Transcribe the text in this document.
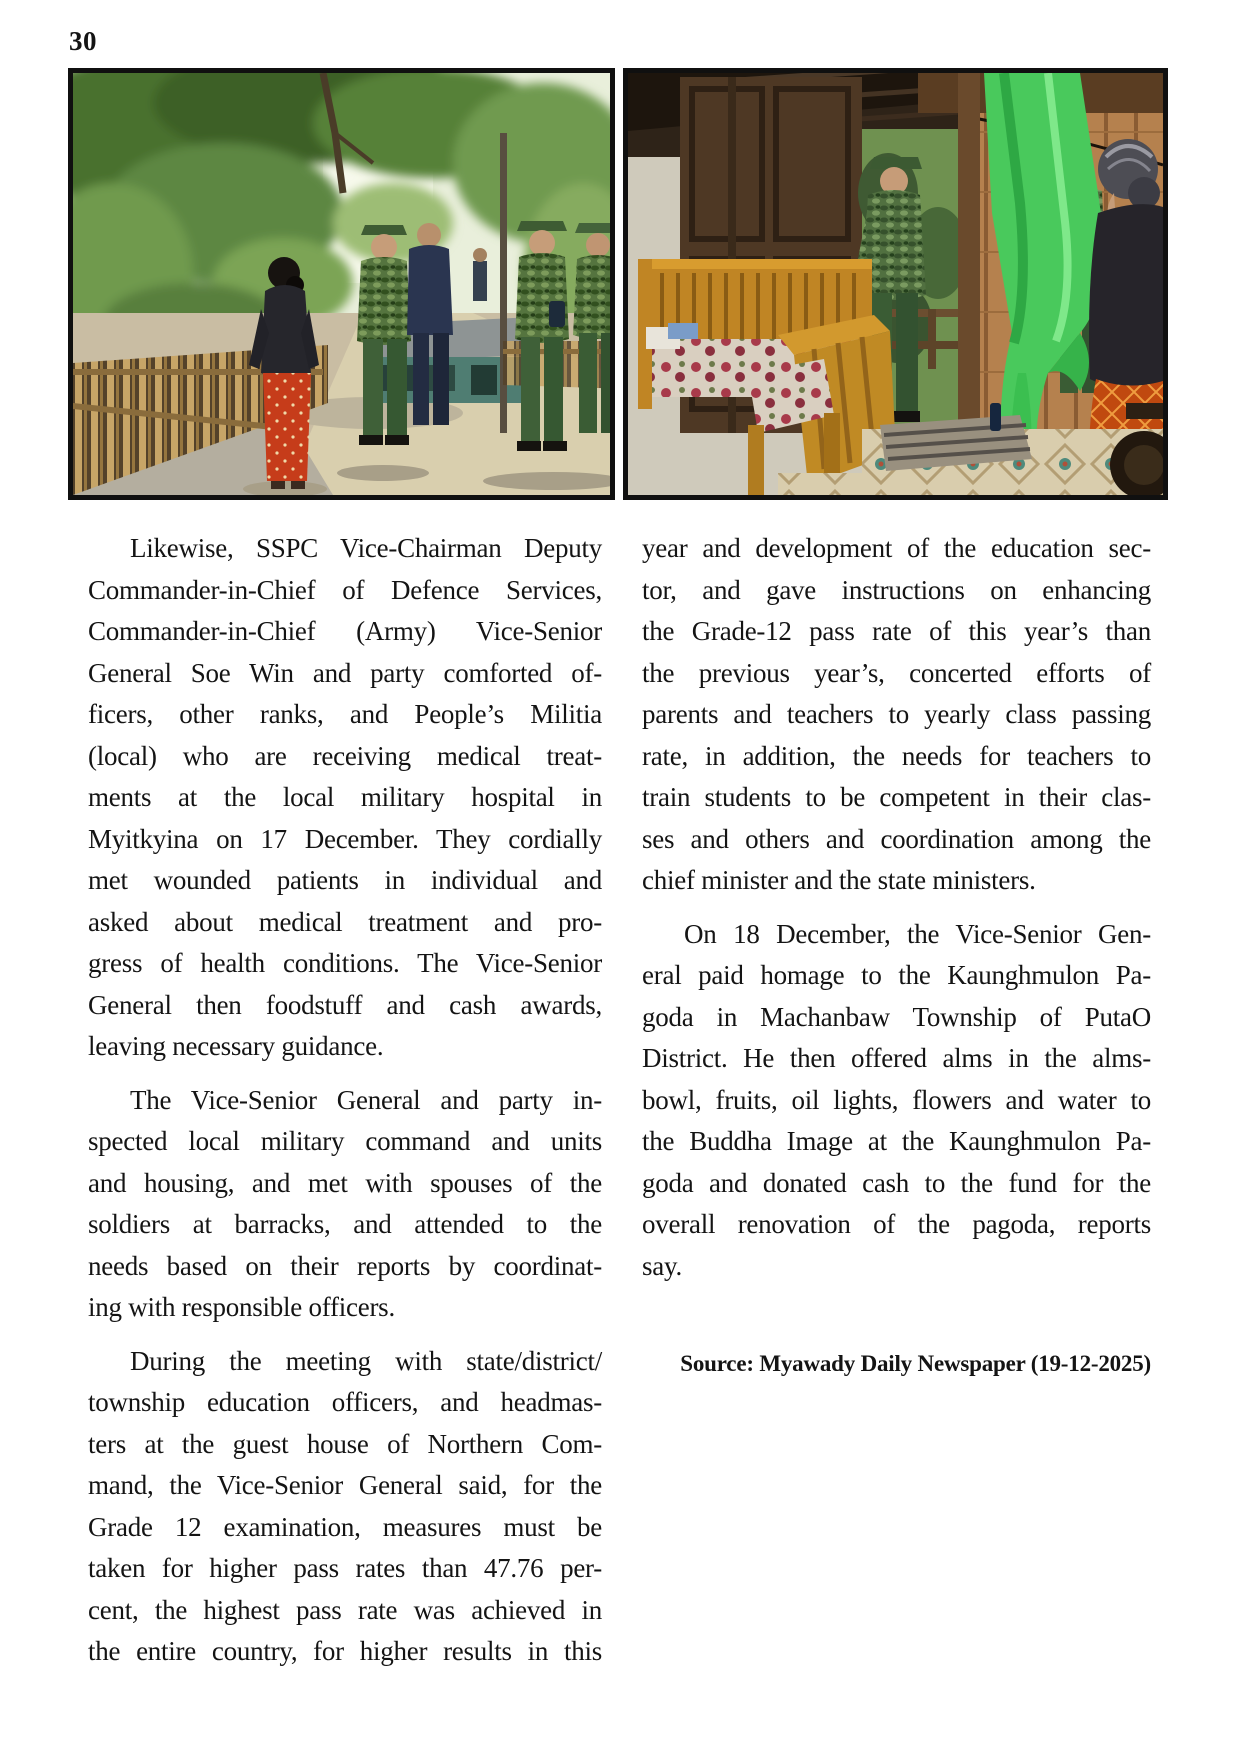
30
Likewise, SSPC Vice-Chairman Deputy
Commander-in-Chief of Defence Services,
Commander-in-Chief (Army) Vice-Senior
General Soe Win and party comforted of-
ficers, other ranks, and People’s Militia
(local) who are receiving medical treat-
ments at the local military hospital in
Myitkyina on 17 December. They cordially
met wounded patients in individual and
asked about medical treatment and pro-
gress of health conditions. The Vice-Senior
General then foodstuff and cash awards,
leaving necessary guidance.
The Vice-Senior General and party in-
spected local military command and units
and housing, and met with spouses of the
soldiers at barracks, and attended to the
needs based on their reports by coordinat-
ing with responsible officers.
During the meeting with state/district/
township education officers, and headmas-
ters at the guest house of Northern Com-
mand, the Vice-Senior General said, for the
Grade 12 examination, measures must be
taken for higher pass rates than 47.76 per-
cent, the highest pass rate was achieved in
the entire country, for higher results in this
year and development of the education sec-
tor, and gave instructions on enhancing
the Grade-12 pass rate of this year’s than
the previous year’s, concerted efforts of
parents and teachers to yearly class passing
rate, in addition, the needs for teachers to
train students to be competent in their clas-
ses and others and coordination among the
chief minister and the state ministers.
On 18 December, the Vice-Senior Gen-
eral paid homage to the Kaunghmulon Pa-
goda in Machanbaw Township of PutaO
District. He then offered alms in the alms-
bowl, fruits, oil lights, flowers and water to
the Buddha Image at the Kaunghmulon Pa-
goda and donated cash to the fund for the
overall renovation of the pagoda, reports
say.
Source: Myawady Daily Newspaper (19-12-2025)
